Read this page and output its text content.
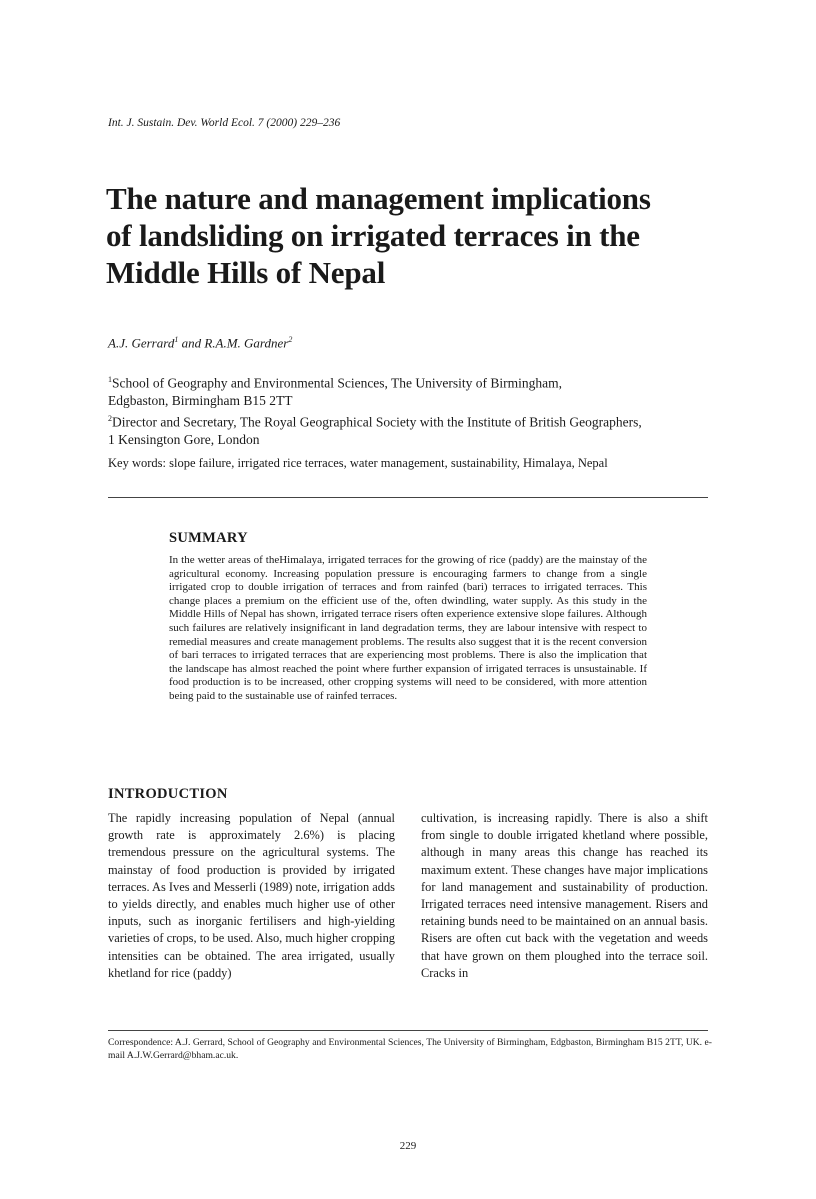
Int. J. Sustain. Dev. World Ecol. 7 (2000) 229–236
The nature and management implications
of landsliding on irrigated terraces in the
Middle Hills of Nepal
A.J. Gerrard$^1$ and R.A.M. Gardner$^2$
$^1$School of Geography and Environmental Sciences, The University of Birmingham,
Edgbaston, Birmingham B15 2TT
$^2$Director and Secretary, The Royal Geographical Society with the Institute of British Geographers,
1 Kensington Gore, London
Key words: slope failure, irrigated rice terraces, water management, sustainability, Himalaya, Nepal
SUMMARY
In the wetter areas of theHimalaya, irrigated terraces for the growing of rice (paddy) are the mainstay of the agricultural economy. Increasing population pressure is encouraging farmers to change from a single irrigated crop to double irrigation of terraces and from rainfed (bari) terraces to irrigated terraces. This change places a premium on the efficient use of the, often dwindling, water supply. As this study in the Middle Hills of Nepal has shown, irrigated terrace risers often experience extensive slope failures. Although such failures are relatively insignificant in land degradation terms, they are labour intensive with respect to remedial measures and create management problems. The results also suggest that it is the recent conversion of bari terraces to irrigated terraces that are experiencing most problems. There is also the implication that the landscape has almost reached the point where further expansion of irrigated terraces is unsustainable. If food production is to be increased, other cropping systems will need to be considered, with more attention being paid to the sustainable use of rainfed terraces.
INTRODUCTION
The rapidly increasing population of Nepal (annual growth rate is approximately 2.6%) is placing tremendous pressure on the agricultural systems. The mainstay of food production is provided by irrigated terraces. As Ives and Messerli (1989) note, irrigation adds to yields directly, and enables much higher use of other inputs, such as inorganic fertilisers and high-yielding varieties of crops, to be used. Also, much higher cropping intensities can be obtained. The area irrigated, usually khetland for rice (paddy)
cultivation, is increasing rapidly. There is also a shift from single to double irrigated khetland where possible, although in many areas this change has reached its maximum extent. These changes have major implications for land management and sustainability of production. Irrigated terraces need intensive management. Risers and retaining bunds need to be maintained on an annual basis. Risers are often cut back with the vegetation and weeds that have grown on them ploughed into the terrace soil. Cracks in
Correspondence: A.J. Gerrard, School of Geography and Environmental Sciences, The University of Birmingham, Edgbaston, Birmingham B15 2TT, UK. e-mail A.J.W.Gerrard@bham.ac.uk.
229
